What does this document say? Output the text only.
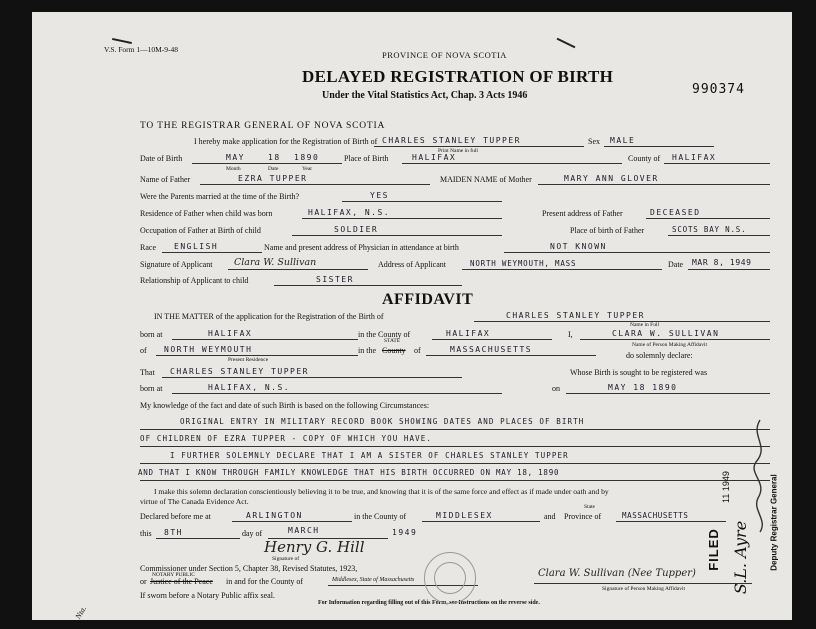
V.S. Form 1—10M-9-48
PROVINCE OF NOVA SCOTIA
DELAYED REGISTRATION OF BIRTH
Under the Vital Statistics Act, Chap. 3 Acts 1946	990374
TO THE REGISTRAR GENERAL OF NOVA SCOTIA
I hereby make application for the Registration of Birth of CHARLES STANLEY TUPPER
Print Name in full
Sex MALE
Date of Birth	MAY	18 1890
Month	Date	Year
Place of Birth	HALIFAX	County of HALIFAX
Name of Father	EZRA TUPPER	MAIDEN NAME of Mother	MARY ANN GLOVER
Were the Parents married at the time of the Birth?	YES
Residence of Father when child was born	HALIFAX, N.S.	Present address of Father	DECEASED
Occupation of Father at Birth of child	SOLDIER	Place of birth of Father	SCOTS BAY N.S.
Race ENGLISH	Name and present address of Physician in attendance at birth	NOT KNOWN
Signature of Applicant Clara W. Sullivan	Address of Applicant	NORTH WEYMOUTH, MASS	Date MAR 8, 1949
Relationship of Applicant to child	SISTER
AFFIDAVIT
IN THE MATTER of the application for the Registration of the Birth of	CHARLES STANLEY TUPPER
born at	HALIFAX	in the County of	HALIFAX	I,
Name in Full
CLARA W. SULLIVAN
of NORTH WEYMOUTH
Present Residence
in the County of
STATE
MASSACHUSETTS	Name of Person Making Affidavit
do solemnly declare:
That CHARLES STANLEY TUPPER	Whose Birth is sought to be registered was
born at	HALIFAX, N.S.	on	MAY 18 1890
My knowledge of the fact and date of such Birth is based on the following Circumstances:
ORIGINAL ENTRY IN MILITARY RECORD BOOK SHOWING DATES AND PLACES OF BIRTH
OF CHILDREN OF EZRA TUPPER - COPY OF WHICH YOU HAVE.
I FURTHER SOLEMNLY DECLARE THAT I AM A SISTER OF CHARLES STANLEY TUPPER
AND THAT I KNOW THROUGH FAMILY KNOWLEDGE THAT HIS BIRTH OCCURRED ON MAY 18, 1890
I make this solemn declaration conscientiously believing it to be true, and knowing that it is of the same force and effect as if made under oath and by
virtue of The Canada Evidence Act.
Declared before me at	ARLINGTON	in the County of	MIDDLESEX	and
State
Province of	MASSACHUSETTS
this 8TH	day of	MARCH	1949
Henry G. Hill
Signature of
Commissioner under Section 5, Chapter 38, Revised Statutes, 1923,
NOTARY PUBLIC
or Justice of the Peace in and for the County of	Middlesex, State of Massachusetts
If sworn before a Notary Public affix seal.
Clara W. Sullivan (Nee Tupper)
Signature of Person Making Affidavit
For Information regarding filling out of this Form, see Instructions on the reverse side.
Nta.
FILED
11 1949	Deputy Registrar General
S.L. Ayre
